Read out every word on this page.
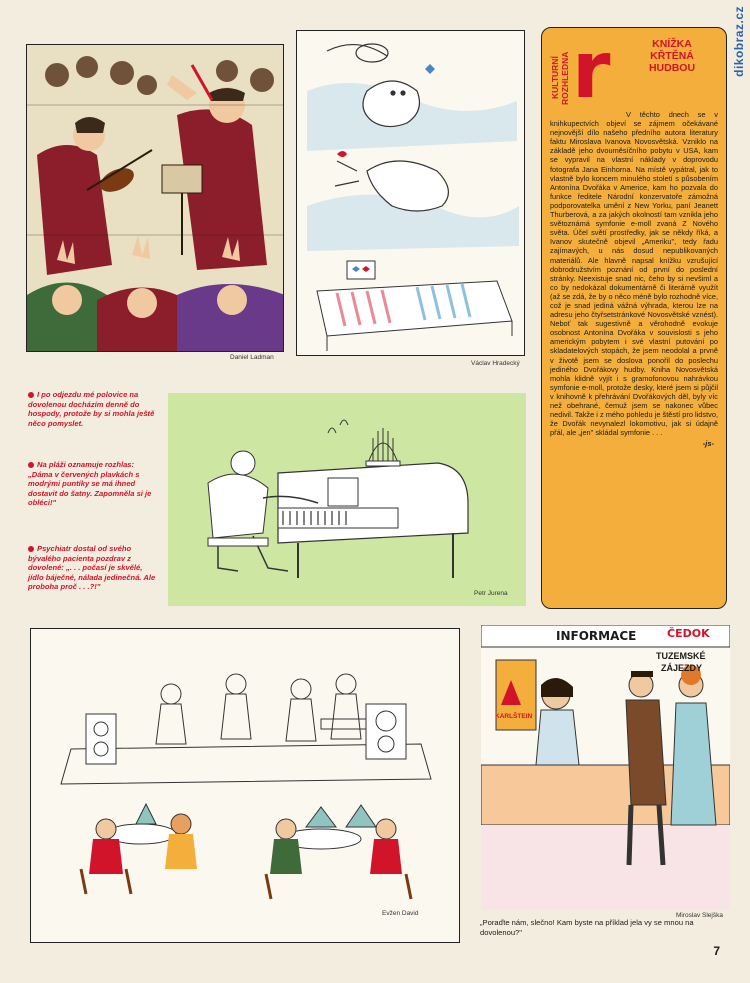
dikobraz.cz
Daniel Ladman
Václav Hradecký
KULTURNÍ ROZHLEDNA r	KNÍŽKA KŘTĚNÁ HUDBOU

V těchto dnech se v knihkupectvích objeví se zájmem očekávané nejnovější dílo našeho předního autora literatury faktu Miroslava Ivanova Novosvětská. Vzniklo na základě jeho dvouměsíčního pobytu v USA, kam se vypravil na vlastní náklady v doprovodu fotografa Jana Einhorna. Na místě vypátral, jak to vlastně bylo koncem minulého století s působením Antonína Dvořáka v Americe, kam ho pozvala do funkce ředitele Národní konzervatoře zámožná podporovatelka umění z New Yorku, paní Jeanett Thurberová, a za jakých okolností tam vznikla jeho světoznámá symfonie e-moll zvaná Z Nového světa. Účel světí prostředky, jak se někdy říká, a Ivanov skutečně objevil „Ameriku", tedy řadu zajímavých, u nás dosud nepublikovaných materiálů. Ale hlavně napsal knížku vzrušující dobrodružstvím poznání od první do poslední stránky. Neexistuje snad nic, čeho by si nevšiml a co by nedokázal dokumentárně či literárně využít (až se zdá, že by o něco méně bylo rozhodně více, což je snad jediná vážná výhrada, kterou lze na adresu jeho čtyřsetstránkové Novosvětské vznést). Neboť tak sugestivně a věrohodně evokuje osobnost Antonína Dvořáka v souvislosti s jeho americkým pobytem i své vlastní putování po skladatelových stopách, že jsem neodolal a prvně v životě jsem se doslova ponořil do poslechu jediného Dvořákovy hudby. Kniha Novosvětská mohla klidně vyjít i s gramofonovou nahrávkou symfonie e-moll, protože desky, které jsem si půjčil v knihovně k přehrávání Dvořákových děl, byly víc než obehrané, čemuž jsem se nakonec vůbec nedivil. Takže i z mého pohledu je štěstí pro lidstvo, že Dvořák nevynalezl lokomotivu, jak si údajně přál, ale „jen" skládal symfonie . . .

-js-
I po odjezdu mé polovice na dovolenou docházím denně do hospody, protože by si mohla ještě něco pomyslet.
Na pláži oznamuje rozhlas: „Dáma v červených plavkách s modrými puntíky se má ihned dostavit do šatny. Zapomněla si je obléci!"
Psychiatr dostal od svého bývalého pacienta pozdrav z dovolené: „. . . počasí je skvělé, jídlo báječné, nálada jedinečná. Ale proboha proč . . .?!"
Petr Jurena
Evžen David
INFORMACE	ČEDOK
TUZEMSKÉ
ZÁJEZDY
KARLŠTEIN
Miroslav Slejška
„Poraďte nám, slečno! Kam byste na příklad jela vy se mnou na dovolenou?"
7
